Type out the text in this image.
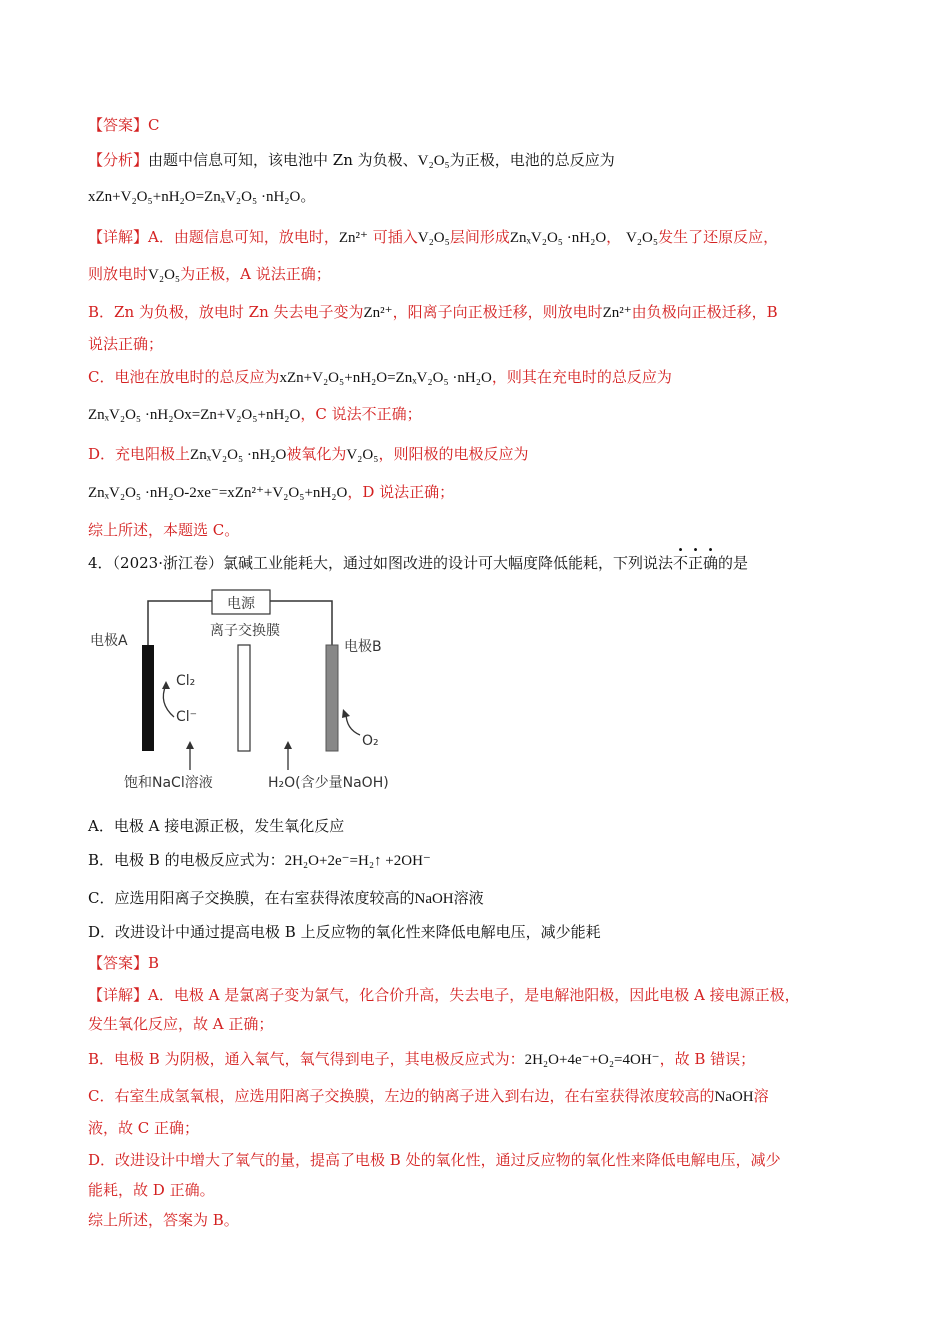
【答案】C
【分析】由题中信息可知，该电池中 Zn 为负极、V₂O₅为正极，电池的总反应为
xZn+V₂O₅+nH₂O=ZnₓV₂O₅ ·nH₂O。
【详解】A．由题信息可知，放电时，Zn²⁺ 可插入V₂O₅层间形成ZnₓV₂O₅ ·nH₂O， V₂O₅发生了还原反应，
则放电时V₂O₅为正极，A 说法正确；
B．Zn 为负极，放电时 Zn 失去电子变为Zn²⁺，阳离子向正极迁移，则放电时Zn²⁺由负极向正极迁移，B
说法正确；
C．电池在放电时的总反应为xZn+V₂O₅+nH₂O=ZnₓV₂O₅ ·nH₂O，则其在充电时的总反应为
ZnₓV₂O₅ ·nH₂Ox=Zn+V₂O₅+nH₂O，C 说法不正确；
D．充电阳极上ZnₓV₂O₅ ·nH₂O被氧化为V₂O₅，则阳极的电极反应为
ZnₓV₂O₅ ·nH₂O-2xe⁻=xZn²⁺+V₂O₅+nH₂O，D 说法正确；
综上所述，本题选 C。
4．（2023·浙江卷）氯碱工业能耗大，通过如图改进的设计可大幅度降低能耗，下列说法不正确的是
电源
离子交换膜
电极A	电极B
Cl₂
Cl⁻
O₂
饱和NaCl溶液	H₂O(含少量NaOH)
A．电极 A 接电源正极，发生氧化反应
B．电极 B 的电极反应式为：2H₂O+2e⁻=H₂↑ +2OH⁻
C．应选用阳离子交换膜，在右室获得浓度较高的NaOH溶液
D．改进设计中通过提高电极 B 上反应物的氧化性来降低电解电压，减少能耗
【答案】B
【详解】A．电极 A 是氯离子变为氯气，化合价升高，失去电子，是电解池阳极，因此电极 A 接电源正极，
发生氧化反应，故 A 正确；
B．电极 B 为阴极，通入氧气，氧气得到电子，其电极反应式为：2H₂O+4e⁻+O₂=4OH⁻，故 B 错误；
C．右室生成氢氧根，应选用阳离子交换膜，左边的钠离子进入到右边，在右室获得浓度较高的NaOH溶
液，故 C 正确；
D．改进设计中增大了氧气的量，提高了电极 B 处的氧化性，通过反应物的氧化性来降低电解电压，减少
能耗，故 D 正确。
综上所述，答案为 B。
